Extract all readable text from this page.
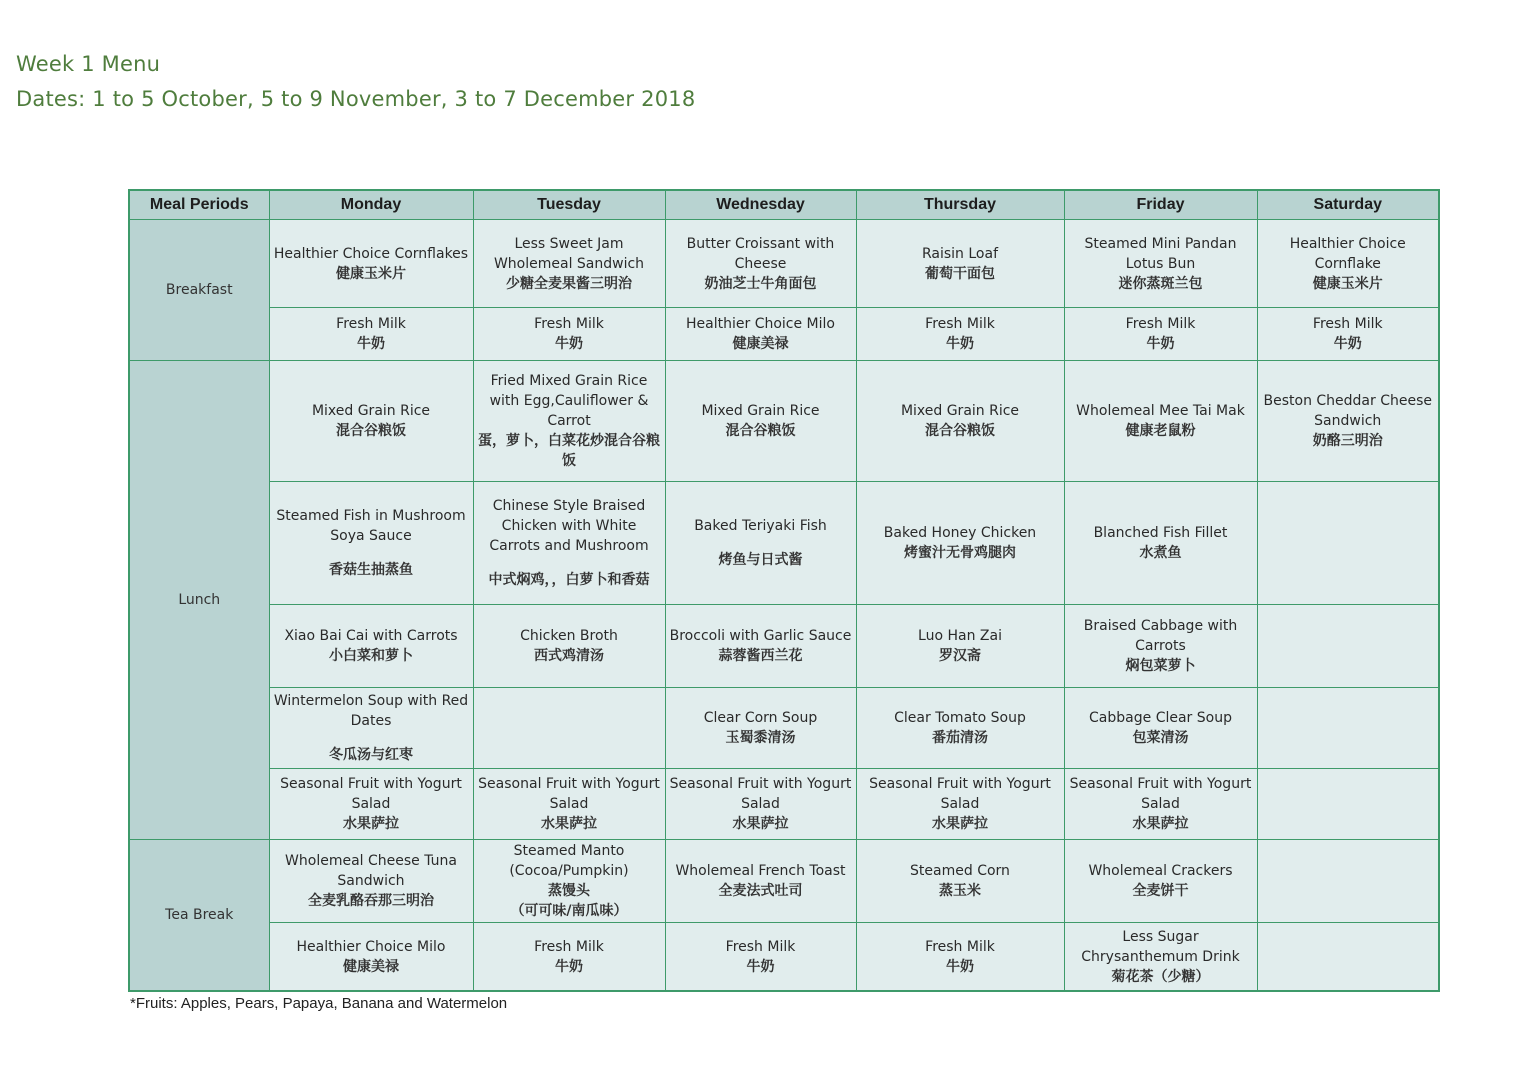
Week 1 Menu
Dates: 1 to 5 October, 5 to 9 November, 3 to 7 December 2018
Meal Periods	Monday	Tuesday	Wednesday	Thursday	Friday	Saturday
Breakfast	Healthier Choice Cornflakes
健康玉米片	Less Sweet Jam
Wholemeal Sandwich
少糖全麦果酱三明治	Butter Croissant with
Cheese
奶油芝士牛角面包	Raisin Loaf
葡萄干面包	Steamed Mini Pandan
Lotus Bun
迷你蒸斑兰包	Healthier Choice
Cornflake
健康玉米片

	Fresh Milk
牛奶	Fresh Milk
牛奶	Healthier Choice Milo
健康美禄	Fresh Milk
牛奶	Fresh Milk
牛奶	Fresh Milk
牛奶

Lunch	Mixed Grain Rice
混合谷粮饭	Fried Mixed Grain Rice
with Egg,Cauliflower &
Carrot
蛋，萝卜，白菜花炒混合谷粮饭	Mixed Grain Rice
混合谷粮饭	Mixed Grain Rice
混合谷粮饭	Wholemeal Mee Tai Mak
健康老鼠粉	Beston Cheddar Cheese
Sandwich
奶酪三明治

	Steamed Fish in Mushroom
Soya Sauce
香菇生抽蒸鱼	Chinese Style Braised
Chicken with White
Carrots and Mushroom
中式焖鸡，，白萝卜和香菇	Baked Teriyaki Fish
烤鱼与日式酱	Baked Honey Chicken
烤蜜汁无骨鸡腿肉	Blanched Fish Fillet
水煮鱼	

	Xiao Bai Cai with Carrots
小白菜和萝卜	Chicken Broth
西式鸡清汤	Broccoli with Garlic Sauce
蒜蓉酱西兰花	Luo Han Zai
罗汉斋	Braised Cabbage with
Carrots
焖包菜萝卜	

	Wintermelon Soup with Red
Dates
冬瓜汤与红枣		Clear Corn Soup
玉蜀黍清汤	Clear Tomato Soup
番茄清汤	Cabbage Clear Soup
包菜清汤	

	Seasonal Fruit with Yogurt
Salad
水果萨拉	Seasonal Fruit with Yogurt
Salad
水果萨拉	Seasonal Fruit with Yogurt
Salad
水果萨拉	Seasonal Fruit with Yogurt
Salad
水果萨拉	Seasonal Fruit with Yogurt
Salad
水果萨拉	

Tea Break	Wholemeal Cheese Tuna
Sandwich
全麦乳酪吞那三明治	Steamed Manto
(Cocoa/Pumpkin)
蒸馒头
（可可味/南瓜味）	Wholemeal French Toast
全麦法式吐司	Steamed Corn
蒸玉米	Wholemeal Crackers
全麦饼干	

	Healthier Choice Milo
健康美禄	Fresh Milk
牛奶	Fresh Milk
牛奶	Fresh Milk
牛奶	Less Sugar
Chrysanthemum Drink
菊花茶（少糖）	

*Fruits: Apples, Pears, Papaya, Banana and Watermelon
